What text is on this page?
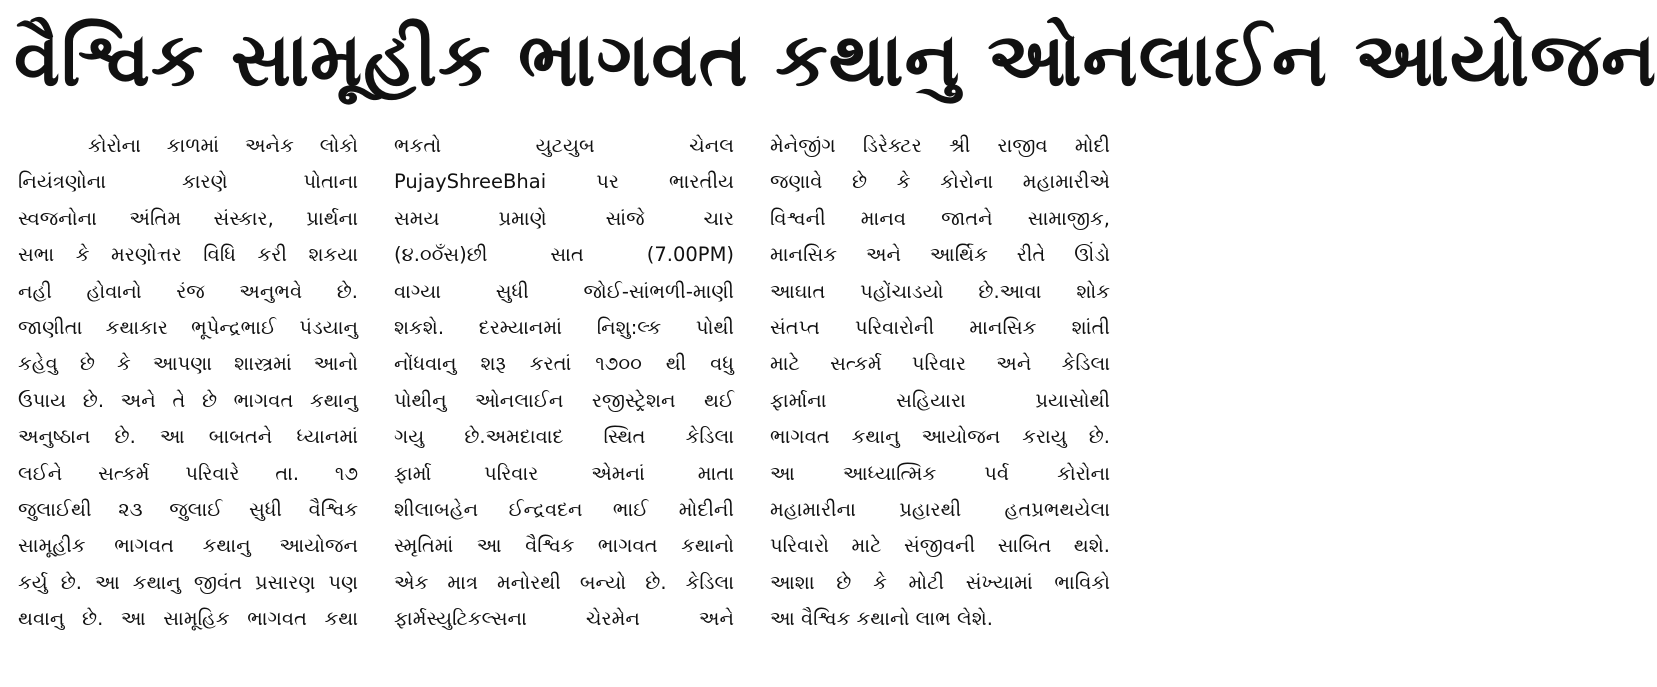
વૈશ્વિક સામૂહીક ભાગવત કથાનુ ઓનલાઈન આયોજન

કોરોના કાળમાં અનેક લોકો

નિયંત્રણોના કારણે પોતાના

સ્વજનોના અંતિમ સંસ્કાર, પ્રાર્થના

સભા કે મરણોત્તર વિધિ કરી શકયા

નહી હોવાનો રંજ અનુભવે છે.

જાણીતા કથાકાર ભૂપેન્દ્રભાઈ પંડયાનુ

કહેવુ છે કે આપણા શાસ્ત્રમાં આનો

ઉપાય છે. અને તે છે ભાગવત કથાનુ

અનુષ્ઠાન છે. આ બાબતને ધ્યાનમાં

લઈને સત્કર્મ પરિવારે તા. ૧૭

જુલાઈથી ૨૩ જુલાઈ સુધી વૈશ્વિક

સામૂહીક ભાગવત કથાનુ આયોજન

કર્યુ છે. આ કથાનુ જીવંત પ્રસારણ પણ

થવાનુ છે. આ સામૂહિક ભાગવત કથા

ભકતો યુટયુબ ચેનલ

PujayShreeBhai પર ભારતીય

સમય પ્રમાણે સાંજે ચાર

(૪.૦૦ઁસ)છી સાત (7.00PM)

વાગ્યા સુધી જોઈ-સાંભળી-માણી

શકશે. દરમ્યાનમાં નિશુ:લ્ક પોથી

નોંધવાનુ શરૂ કરતાં ૧૭૦૦ થી વધુ

પોથીનુ ઓનલાઈન રજીસ્ટ્રેશન થઈ

ગયુ છે.અમદાવાદ સ્થિત કેડિલા

ફાર્મા પરિવાર એમનાં માતા

શીલાબહેન ઈન્દ્રવદન ભાઈ મોદીની

સ્મૃતિમાં આ વૈશ્વિક ભાગવત કથાનો

એક માત્ર મનોરથી બન્યો છે. કેડિલા

ફાર્મસ્યુટિકલ્સના ચેરમેન અને

મેનેજીંગ ડિરેક્ટર શ્રી રાજીવ મોદી

જણાવે છે કે કોરોના મહામારીએ

વિશ્વની માનવ જાતને સામાજીક,

માનસિક અને આર્થિક રીતે ઊંડો

આઘાત પહોંચાડયો છે.આવા શોક

સંતપ્ત પરિવારોની માનસિક શાંતી

માટે સત્કર્મ પરિવાર અને કેડિલા

ફાર્માના સહિયારા પ્રયાસોથી

ભાગવત કથાનુ આયોજન કરાયુ છે.

આ આધ્યાત્મિક પર્વ કોરોના

મહામારીના પ્રહારથી હતપ્રભથયેલા

પરિવારો માટે સંજીવની સાબિત થશે.

આશા છે કે મોટી સંખ્યામાં ભાવિકો

આ વૈશ્વિક કથાનો લાભ લેશે.
